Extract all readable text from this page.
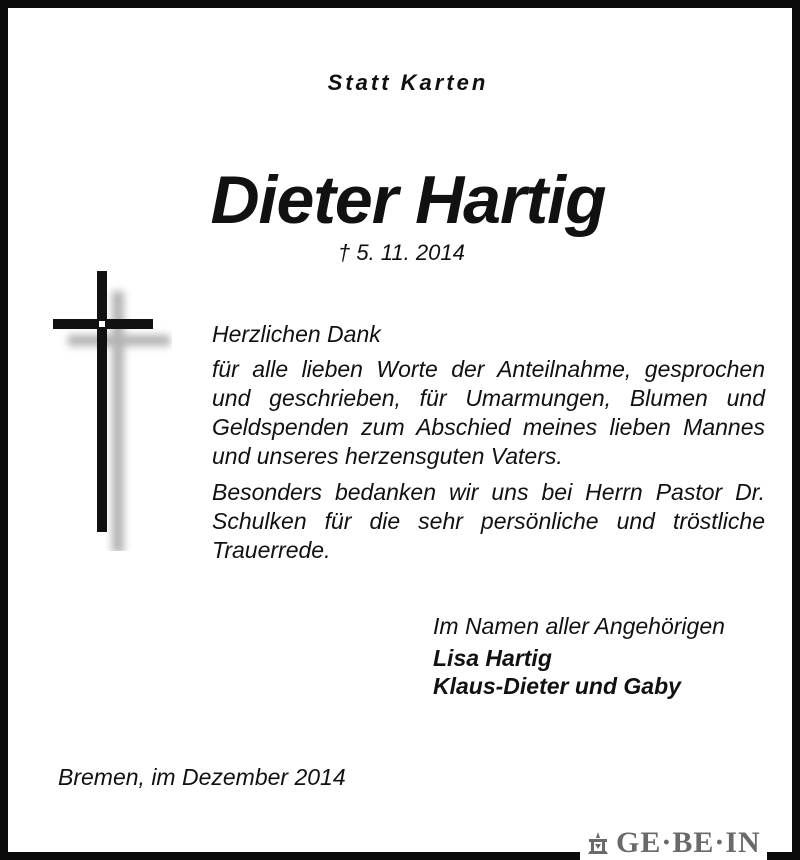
Statt Karten
Dieter Hartig
† 5. 11. 2014

Herzlichen Dank

für alle lieben Worte der Anteilnahme, gesprochen und geschrieben, für Umarmungen, Blumen und Geldspenden zum Abschied meines lieben Mannes und unseres herzensguten Vaters.

Besonders bedanken wir uns bei Herrn Pastor Dr. Schulken für die sehr persönliche und tröstliche Trauerrede.

Im Namen aller Angehörigen
Lisa Hartig
Klaus-Dieter und Gaby
Bremen, im Dezember 2014
GE·BE·IN
